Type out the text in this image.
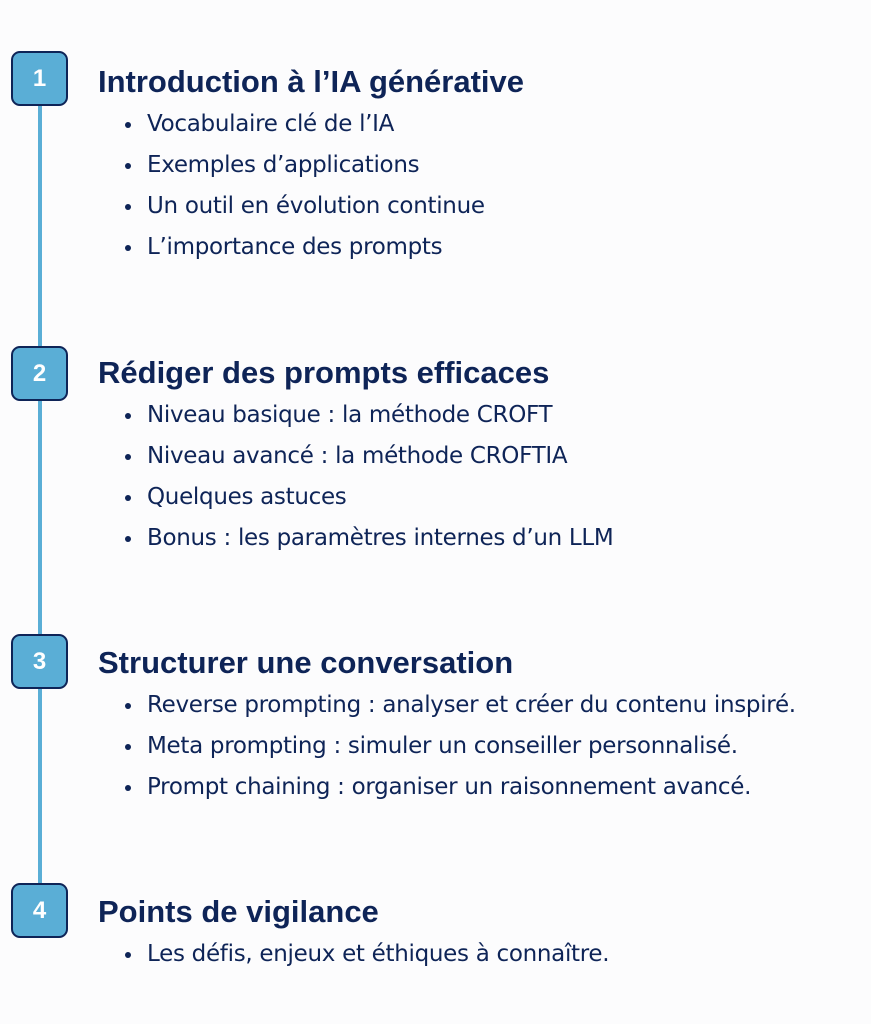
1	Introduction à l’IA générative
Vocabulaire clé de l’IA
Exemples d’applications
Un outil en évolution continue
L’importance des prompts
2	Rédiger des prompts efficaces
Niveau basique : la méthode CROFT
Niveau avancé : la méthode CROFTIA
Quelques astuces
Bonus : les paramètres internes d’un LLM
3	Structurer une conversation
Reverse prompting : analyser et créer du contenu inspiré.
Meta prompting : simuler un conseiller personnalisé.
Prompt chaining : organiser un raisonnement avancé.
4	Points de vigilance
Les défis, enjeux et éthiques à connaître.
